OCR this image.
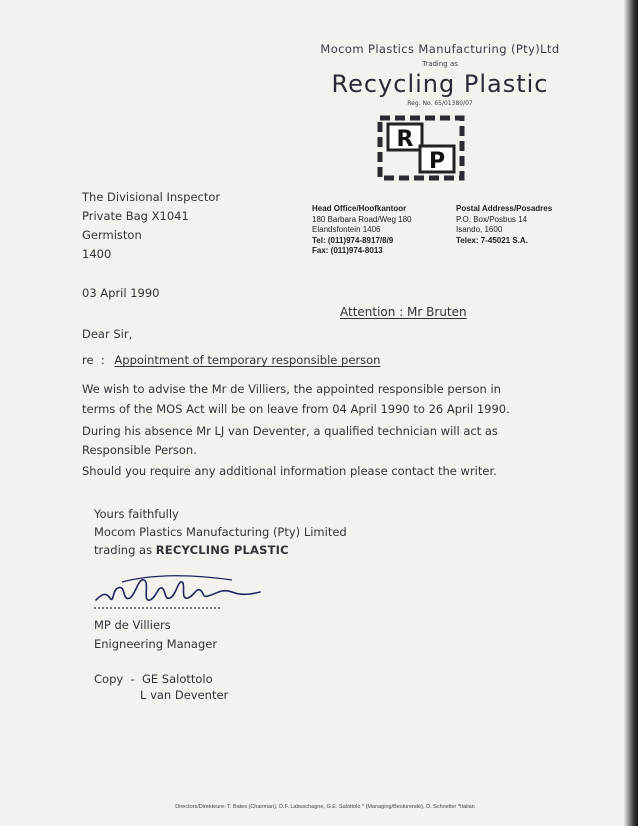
Mocom Plastics Manufacturing (Pty)Ltd
Trading as
Recycling Plastic
Reg. No. 65/01380/07
R
P
Head Office/Hoofkantoor
180 Barbara Road/Weg 180
Elandsfontein 1406
Tel: (011)974-8917/8/9
Fax: (011)974-8013
Postal Address/Posadres
P.O. Box/Posbus 14
Isando, 1600
Telex: 7-45021 S.A.
The Divisional Inspector
Private Bag X1041
Germiston
1400
03 April 1990
Attention : Mr Bruten
Dear Sir,
re  : Appointment of temporary responsible person
We wish to advise the Mr de Villiers, the appointed responsible person in
terms of the MOS Act will be on leave from 04 April 1990 to 26 April 1990.
During his absence Mr LJ van Deventer, a qualified technician will act as
Responsible Person.
Should you require any additional information please contact the writer.
Yours faithfully
Mocom Plastics Manufacturing (Pty) Limited
trading as RECYCLING PLASTIC
MP de Villiers
Enigneering Manager
Copy  -  GE Salottolo
L van Deventer
Directors/Direkteure: T. Bates (Chairman), D.F. Labuschagne, G.E. Salottolo * (Managing/Besturende), D. Schnetler *Italian
